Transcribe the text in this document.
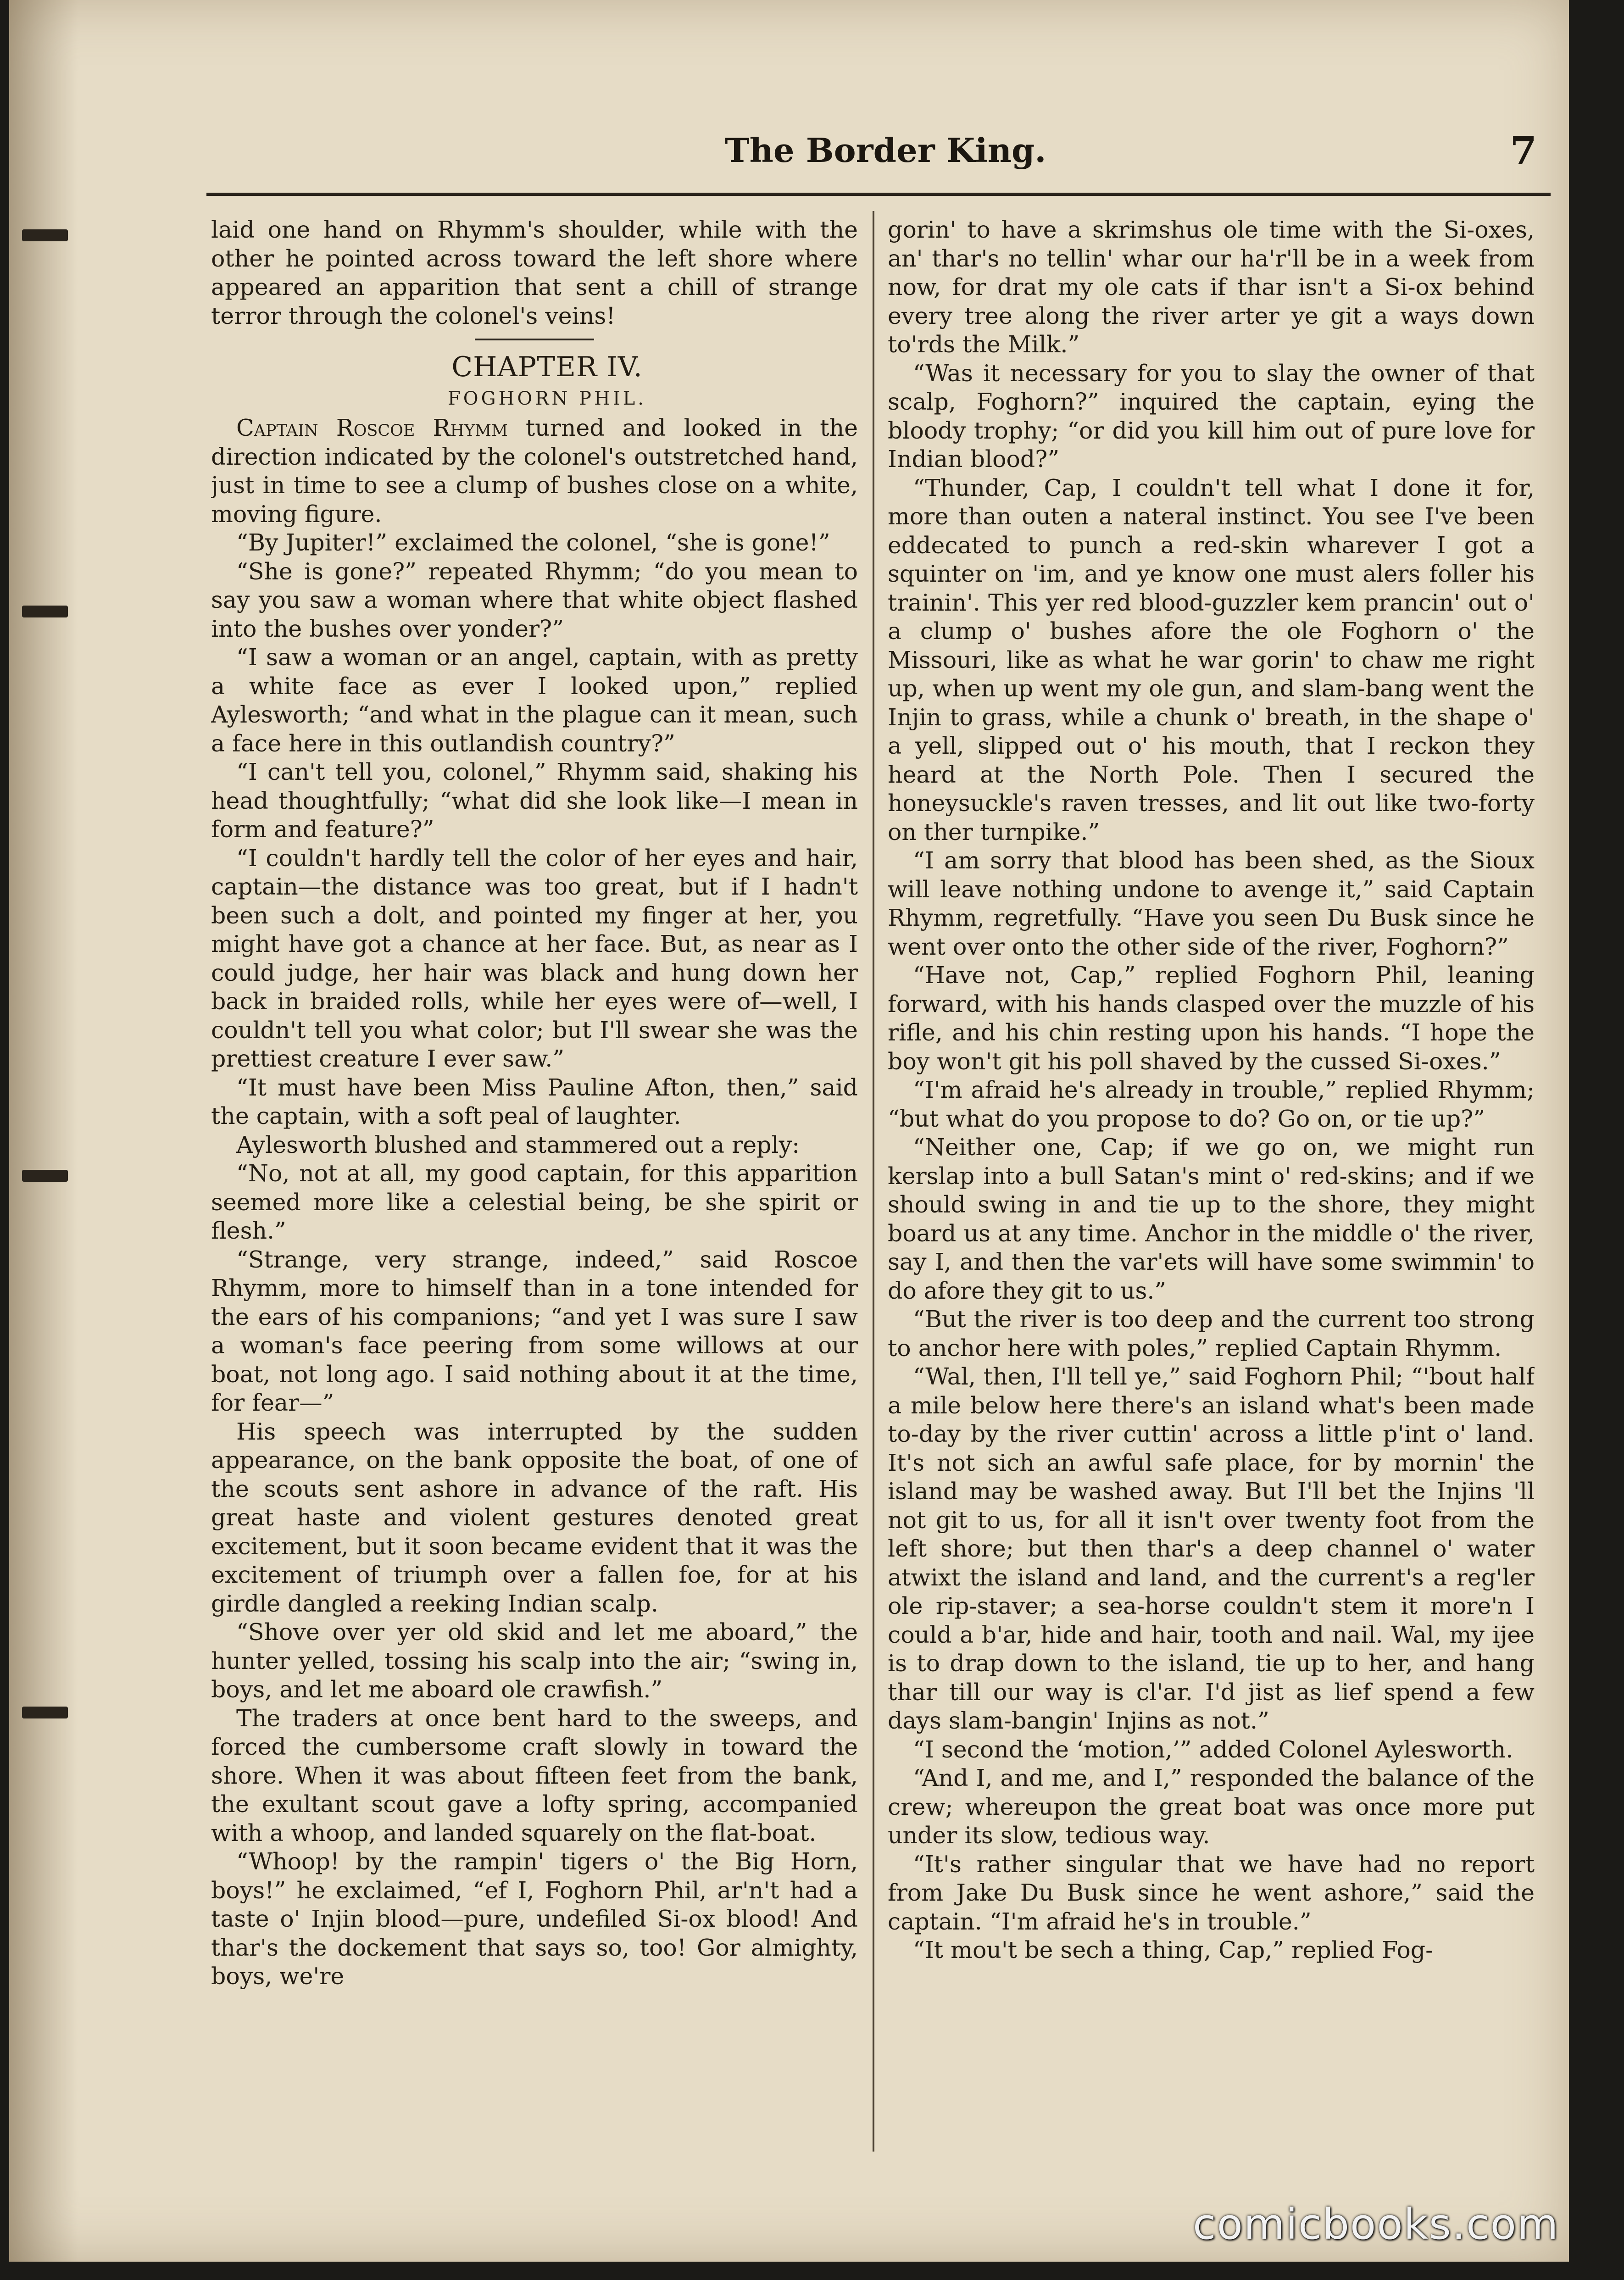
The Border King.	7

laid one hand on Rhymm's shoulder, while with the other he pointed across toward the left shore where appeared an apparition that sent a chill of strange terror through the colonel's veins!

CHAPTER IV.

FOGHORN PHIL.

Captain Roscoe Rhymm turned and looked in the direction indicated by the colonel's outstretched hand, just in time to see a clump of bushes close on a white, moving figure.

“By Jupiter!” exclaimed the colonel, “she is gone!”

“She is gone?” repeated Rhymm; “do you mean to say you saw a woman where that white object flashed into the bushes over yonder?”

“I saw a woman or an angel, captain, with as pretty a white face as ever I looked upon,” replied Aylesworth; “and what in the plague can it mean, such a face here in this outlandish country?”

“I can't tell you, colonel,” Rhymm said, shaking his head thoughtfully; “what did she look like—I mean in form and feature?”

“I couldn't hardly tell the color of her eyes and hair, captain—the distance was too great, but if I hadn't been such a dolt, and pointed my finger at her, you might have got a chance at her face. But, as near as I could judge, her hair was black and hung down her back in braided rolls, while her eyes were of—well, I couldn't tell you what color; but I'll swear she was the prettiest creature I ever saw.”

“It must have been Miss Pauline Afton, then,” said the captain, with a soft peal of laughter.

Aylesworth blushed and stammered out a reply:

“No, not at all, my good captain, for this apparition seemed more like a celestial being, be she spirit or flesh.”

“Strange, very strange, indeed,” said Roscoe Rhymm, more to himself than in a tone intended for the ears of his companions; “and yet I was sure I saw a woman's face peering from some willows at our boat, not long ago. I said nothing about it at the time, for fear—”

His speech was interrupted by the sudden appearance, on the bank opposite the boat, of one of the scouts sent ashore in advance of the raft. His great haste and violent gestures denoted great excitement, but it soon became evident that it was the excitement of triumph over a fallen foe, for at his girdle dangled a reeking Indian scalp.

“Shove over yer old skid and let me aboard,” the hunter yelled, tossing his scalp into the air; “swing in, boys, and let me aboard ole crawfish.”

The traders at once bent hard to the sweeps, and forced the cumbersome craft slowly in toward the shore. When it was about fifteen feet from the bank, the exultant scout gave a lofty spring, accompanied with a whoop, and landed squarely on the flat-boat.

“Whoop! by the rampin' tigers o' the Big Horn, boys!” he exclaimed, “ef I, Foghorn Phil, ar'n't had a taste o' Injin blood—pure, undefiled Si-ox blood! And thar's the dockement that says so, too! Gor almighty, boys, we're

gorin' to have a skrimshus ole time with the Si-oxes, an' thar's no tellin' whar our ha'r'll be in a week from now, for drat my ole cats if thar isn't a Si-ox behind every tree along the river arter ye git a ways down to'rds the Milk.”

“Was it necessary for you to slay the owner of that scalp, Foghorn?” inquired the captain, eying the bloody trophy; “or did you kill him out of pure love for Indian blood?”

“Thunder, Cap, I couldn't tell what I done it for, more than outen a nateral instinct. You see I've been eddecated to punch a red-skin wharever I got a squinter on 'im, and ye know one must alers foller his trainin'. This yer red blood-guzzler kem prancin' out o' a clump o' bushes afore the ole Foghorn o' the Missouri, like as what he war gorin' to chaw me right up, when up went my ole gun, and slam-bang went the Injin to grass, while a chunk o' breath, in the shape o' a yell, slipped out o' his mouth, that I reckon they heard at the North Pole. Then I secured the honeysuckle's raven tresses, and lit out like two-forty on ther turnpike.”

“I am sorry that blood has been shed, as the Sioux will leave nothing undone to avenge it,” said Captain Rhymm, regretfully. “Have you seen Du Busk since he went over onto the other side of the river, Foghorn?”

“Have not, Cap,” replied Foghorn Phil, leaning forward, with his hands clasped over the muzzle of his rifle, and his chin resting upon his hands. “I hope the boy won't git his poll shaved by the cussed Si-oxes.”

“I'm afraid he's already in trouble,” replied Rhymm; “but what do you propose to do? Go on, or tie up?”

“Neither one, Cap; if we go on, we might run kerslap into a bull Satan's mint o' red-skins; and if we should swing in and tie up to the shore, they might board us at any time. Anchor in the middle o' the river, say I, and then the var'ets will have some swimmin' to do afore they git to us.”

“But the river is too deep and the current too strong to anchor here with poles,” replied Captain Rhymm.

“Wal, then, I'll tell ye,” said Foghorn Phil; “'bout half a mile below here there's an island what's been made to-day by the river cuttin' across a little p'int o' land. It's not sich an awful safe place, for by mornin' the island may be washed away. But I'll bet the Injins 'll not git to us, for all it isn't over twenty foot from the left shore; but then thar's a deep channel o' water atwixt the island and land, and the current's a reg'ler ole rip-staver; a sea-horse couldn't stem it more'n I could a b'ar, hide and hair, tooth and nail. Wal, my ijee is to drap down to the island, tie up to her, and hang thar till our way is cl'ar. I'd jist as lief spend a few days slam-bangin' Injins as not.”

“I second the ‘motion,’” added Colonel Aylesworth.

“And I, and me, and I,” responded the balance of the crew; whereupon the great boat was once more put under its slow, tedious way.

“It's rather singular that we have had no report from Jake Du Busk since he went ashore,” said the captain. “I'm afraid he's in trouble.”

“It mou't be sech a thing, Cap,” replied Fog-

comicbooks.com
